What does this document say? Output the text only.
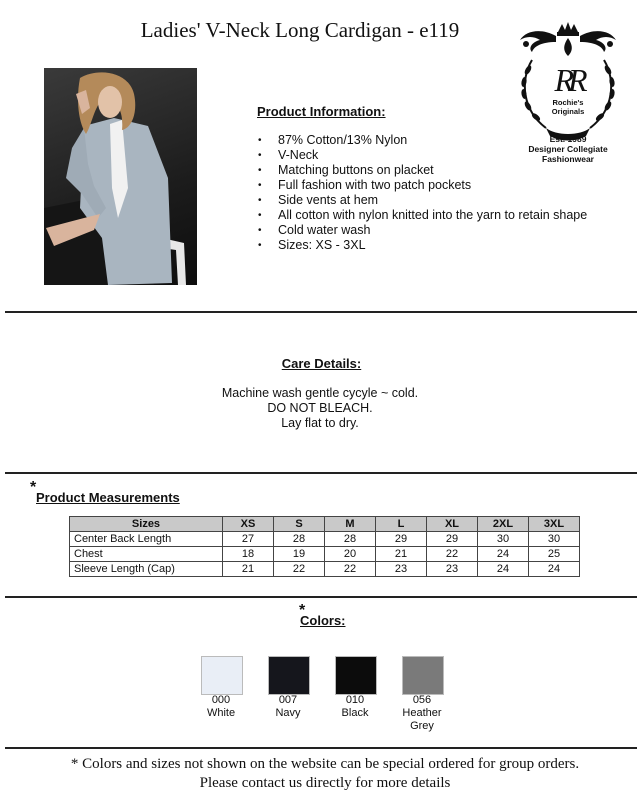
Ladies' V-Neck Long Cardigan - e119
RR
Rochie's Originals
Est. 1989
Designer Collegiate
Fashionwear
Product Information:
• 87% Cotton/13% Nylon
• V-Neck
• Matching buttons on placket
• Full fashion with two patch pockets
• Side vents at hem
• All cotton with nylon knitted into the yarn to retain shape
• Cold water wash
• Sizes: XS - 3XL
Care Details:
Machine wash gentle cycyle ~ cold.
DO NOT BLEACH.
Lay flat to dry.
*
Product Measurements
Sizes	XS	S	M	L	XL	2XL	3XL
Center Back Length	27	28	28	29	29	30	30
Chest	18	19	20	21	22	24	25
Sleeve Length (Cap)	21	22	22	23	23	24	24
*
Colors:
000
White
007
Navy
010
Black
056
Heather
Grey
* Colors and sizes not shown on the website can be special ordered for group orders.
Please contact us directly for more details
